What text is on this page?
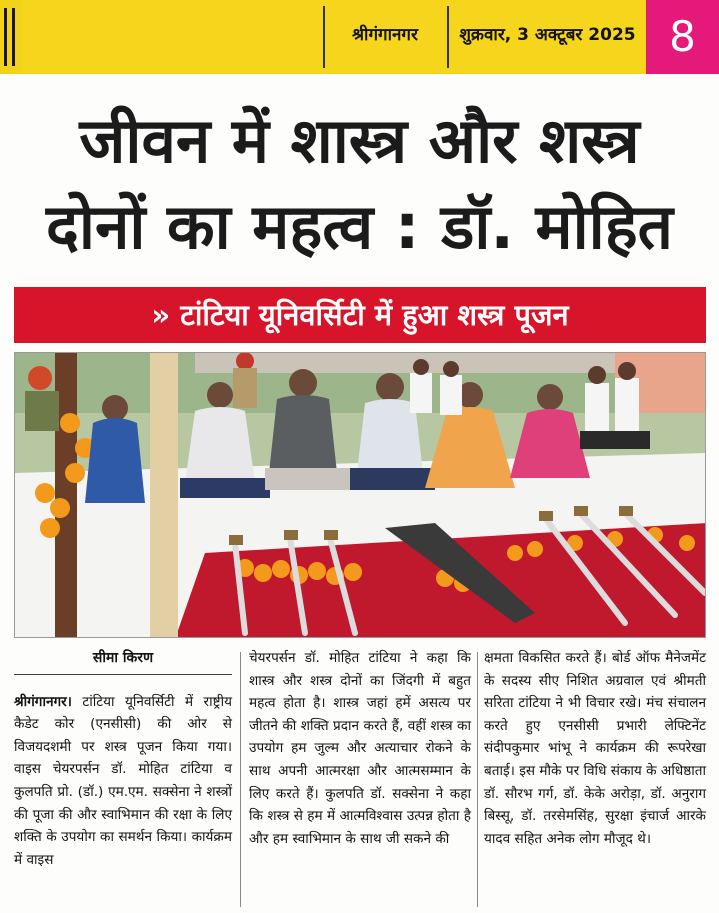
श्रीगंगानगर	शुक्रवार, 3 अक्टूबर 2025 8
जीवन में शास्त्र और शस्त्र
दोनों का महत्व : डॉ. मोहित
» टांटिया यूनिवर्सिटी में हुआ शस्त्र पूजन
सीमा किरण
श्रीगंगानगर। टांटिया यूनिवर्सिटी में राष्ट्रीय कैडेट कोर (एनसीसी) की ओर से विजयदशमी पर शस्त्र पूजन किया गया। वाइस चेयरपर्सन डॉ. मोहित टांटिया व कुलपति प्रो. (डॉ.) एम.एम. सक्सेना ने शस्त्रों की पूजा की और स्वाभिमान की रक्षा के लिए शक्ति के उपयोग का समर्थन किया। कार्यक्रम में वाइस
चेयरपर्सन डॉ. मोहित टांटिया ने कहा कि शास्त्र और शस्त्र दोनों का जिंदगी में बहुत महत्व होता है। शास्त्र जहां हमें असत्य पर जीतने की शक्ति प्रदान करते हैं, वहीं शस्त्र का उपयोग हम जुल्म और अत्याचार रोकने के साथ अपनी आत्मरक्षा और आत्मसम्मान के लिए करते हैं। कुलपति डॉ. सक्सेना ने कहा कि शस्त्र से हम में आत्मविश्वास उत्पन्न होता है और हम स्वाभिमान के साथ जी सकने की
क्षमता विकसित करते हैं। बोर्ड ऑफ मैनेजमेंट के सदस्य सीए निशित अग्रवाल एवं श्रीमती सरिता टांटिया ने भी विचार रखे। मंच संचालन करते हुए एनसीसी प्रभारी लेफ्टिनेंट संदीपकुमार भांभू ने कार्यक्रम की रूपरेखा बताई। इस मौके पर विधि संकाय के अधिष्ठाता डॉ. सौरभ गर्ग, डॉ. केके अरोड़ा, डॉ. अनुराग बिस्सू, डॉ. तरसेमसिंह, सुरक्षा इंचार्ज आरके यादव सहित अनेक लोग मौजूद थे।
